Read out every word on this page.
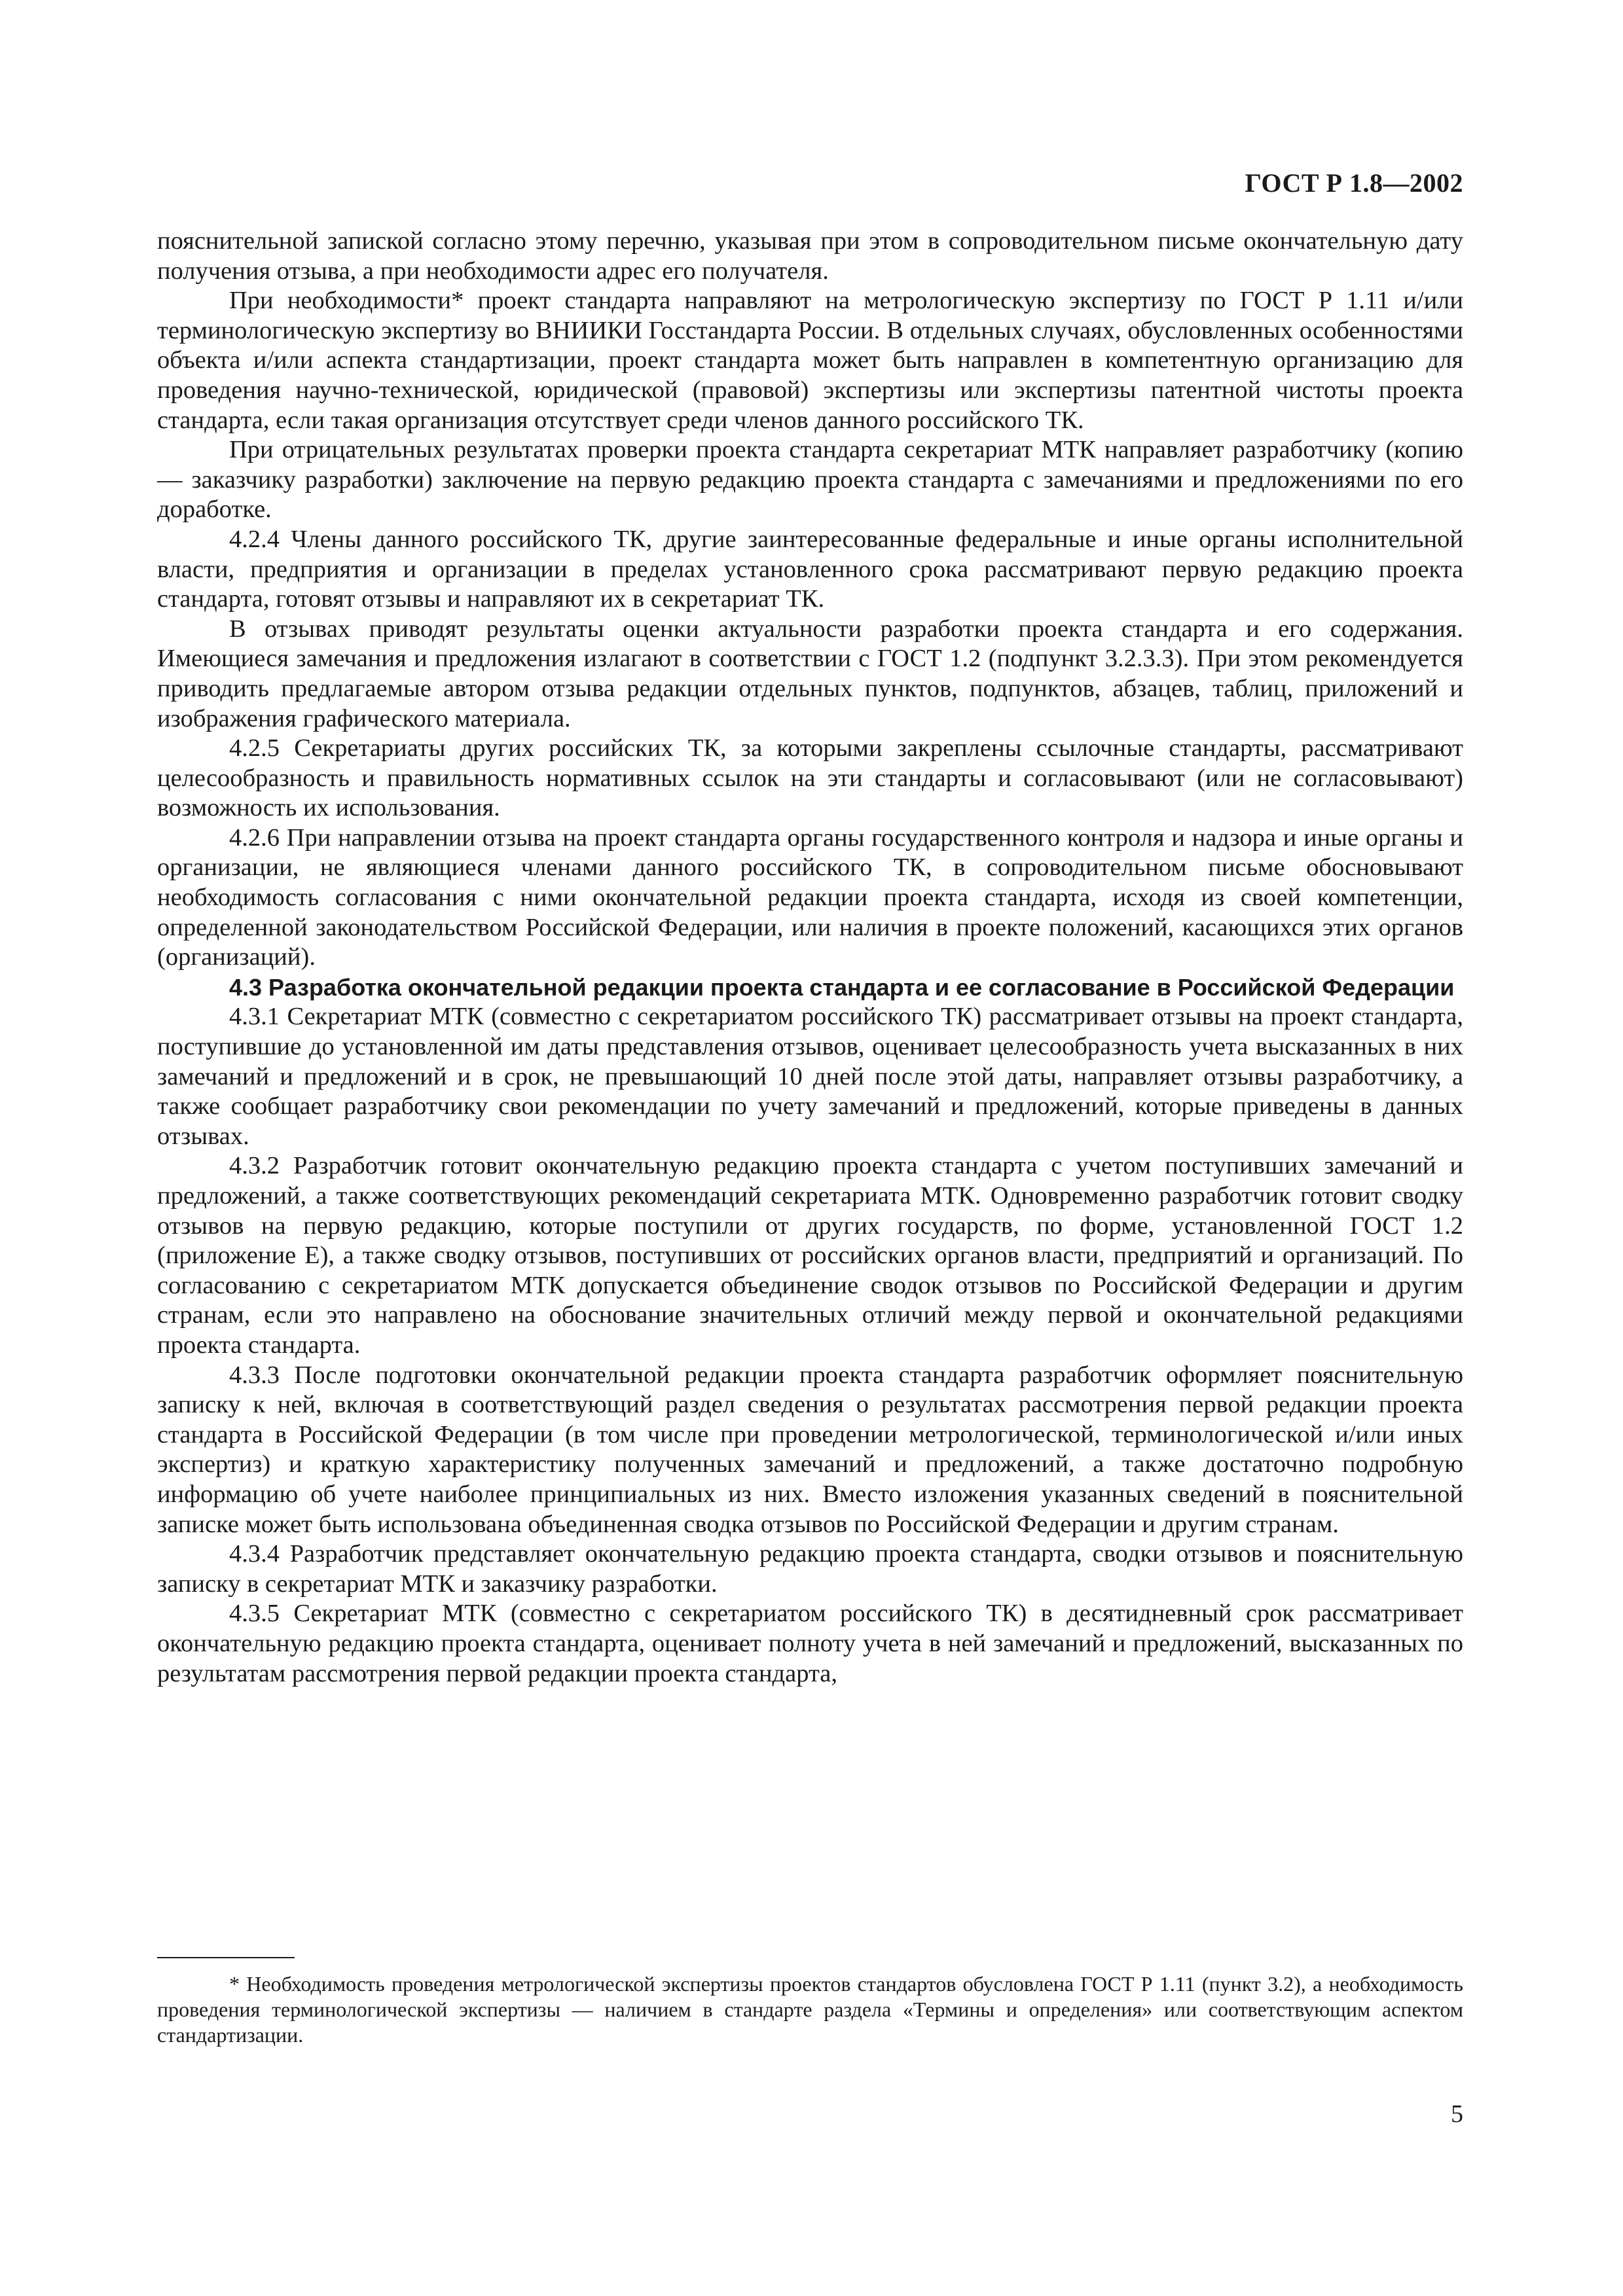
ГОСТ Р 1.8—2002

пояснительной запиской согласно этому перечню, указывая при этом в сопроводительном письме окончательную дату получения отзыва, а при необходимости адрес его получателя.

При необходимости* проект стандарта направляют на метрологическую экспертизу по ГОСТ Р 1.11 и/или терминологическую экспертизу во ВНИИКИ Госстандарта России. В отдельных случаях, обусловленных особенностями объекта и/или аспекта стандартизации, проект стандарта может быть направлен в компетентную организацию для проведения научно-технической, юридической (правовой) экспертизы или экспертизы патентной чистоты проекта стандарта, если такая организация отсутствует среди членов данного российского ТК.

При отрицательных результатах проверки проекта стандарта секретариат МТК направляет разработчику (копию — заказчику разработки) заключение на первую редакцию проекта стандарта с замечаниями и предложениями по его доработке.

4.2.4 Члены данного российского ТК, другие заинтересованные федеральные и иные органы исполнительной власти, предприятия и организации в пределах установленного срока рассматривают первую редакцию проекта стандарта, готовят отзывы и направляют их в секретариат ТК.

В отзывах приводят результаты оценки актуальности разработки проекта стандарта и его содержания. Имеющиеся замечания и предложения излагают в соответствии с ГОСТ 1.2 (подпункт 3.2.3.3). При этом рекомендуется приводить предлагаемые автором отзыва редакции отдельных пунктов, подпунктов, абзацев, таблиц, приложений и изображения графического материала.

4.2.5 Секретариаты других российских ТК, за которыми закреплены ссылочные стандарты, рассматривают целесообразность и правильность нормативных ссылок на эти стандарты и согласовывают (или не согласовывают) возможность их использования.

4.2.6 При направлении отзыва на проект стандарта органы государственного контроля и надзора и иные органы и организации, не являющиеся членами данного российского ТК, в сопроводительном письме обосновывают необходимость согласования с ними окончательной редакции проекта стандарта, исходя из своей компетенции, определенной законодательством Российской Федерации, или наличия в проекте положений, касающихся этих органов (организаций).

4.3 Разработка окончательной редакции проекта стандарта и ее согласование в Российской Федерации

4.3.1 Секретариат МТК (совместно с секретариатом российского ТК) рассматривает отзывы на проект стандарта, поступившие до установленной им даты представления отзывов, оценивает целесообразность учета высказанных в них замечаний и предложений и в срок, не превышающий 10 дней после этой даты, направляет отзывы разработчику, а также сообщает разработчику свои рекомендации по учету замечаний и предложений, которые приведены в данных отзывах.

4.3.2 Разработчик готовит окончательную редакцию проекта стандарта с учетом поступивших замечаний и предложений, а также соответствующих рекомендаций секретариата МТК. Одновременно разработчик готовит сводку отзывов на первую редакцию, которые поступили от других государств, по форме, установленной ГОСТ 1.2 (приложение Е), а также сводку отзывов, поступивших от российских органов власти, предприятий и организаций. По согласованию с секретариатом МТК допускается объединение сводок отзывов по Российской Федерации и другим странам, если это направлено на обоснование значительных отличий между первой и окончательной редакциями проекта стандарта.

4.3.3 После подготовки окончательной редакции проекта стандарта разработчик оформляет пояснительную записку к ней, включая в соответствующий раздел сведения о результатах рассмотрения первой редакции проекта стандарта в Российской Федерации (в том числе при проведении метрологической, терминологической и/или иных экспертиз) и краткую характеристику полученных замечаний и предложений, а также достаточно подробную информацию об учете наиболее принципиальных из них. Вместо изложения указанных сведений в пояснительной записке может быть использована объединенная сводка отзывов по Российской Федерации и другим странам.

4.3.4 Разработчик представляет окончательную редакцию проекта стандарта, сводки отзывов и пояснительную записку в секретариат МТК и заказчику разработки.

4.3.5 Секретариат МТК (совместно с секретариатом российского ТК) в десятидневный срок рассматривает окончательную редакцию проекта стандарта, оценивает полноту учета в ней замечаний и предложений, высказанных по результатам рассмотрения первой редакции проекта стандарта,

* Необходимость проведения метрологической экспертизы проектов стандартов обусловлена ГОСТ Р 1.11 (пункт 3.2), а необходимость проведения терминологической экспертизы — наличием в стандарте раздела «Термины и определения» или соответствующим аспектом стандартизации.

5
